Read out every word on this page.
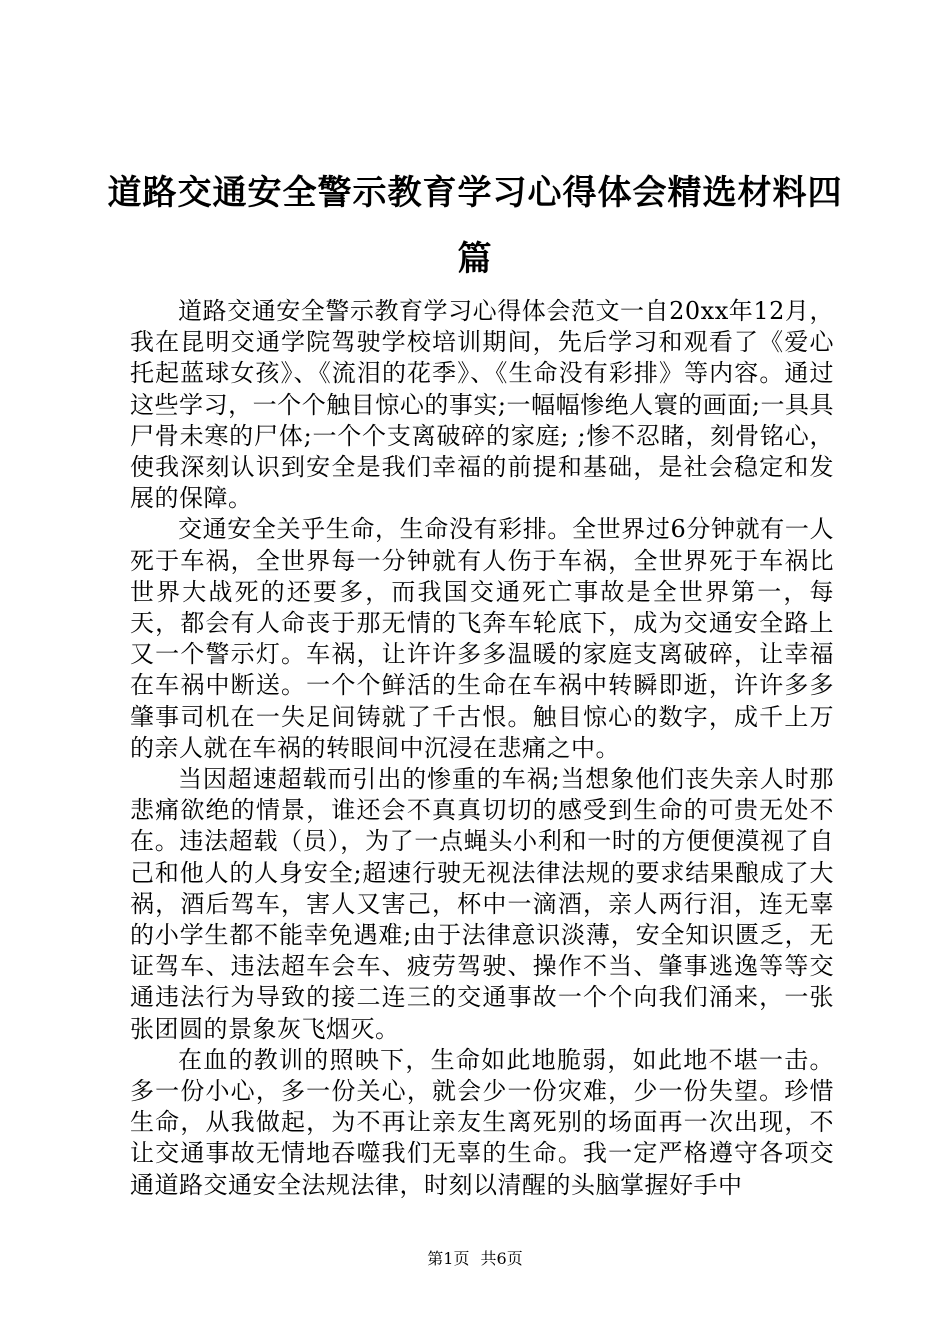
道路交通安全警示教育学习心得体会精选材料四篇

道路交通安全警示教育学习心得体会范文一自20xx年12月，我在昆明交通学院驾驶学校培训期间，先后学习和观看了《爱心托起蓝球女孩》、《流泪的花季》、《生命没有彩排》等内容。通过这些学习，一个个触目惊心的事实;一幅幅惨绝人寰的画面;一具具尸骨未寒的尸体;一个个支离破碎的家庭; ;惨不忍睹，刻骨铭心，使我深刻认识到安全是我们幸福的前提和基础，是社会稳定和发展的保障。

交通安全关乎生命，生命没有彩排。全世界过6分钟就有一人死于车祸，全世界每一分钟就有人伤于车祸，全世界死于车祸比世界大战死的还要多，而我国交通死亡事故是全世界第一，每天，都会有人命丧于那无情的飞奔车轮底下，成为交通安全路上又一个警示灯。车祸，让许许多多温暖的家庭支离破碎，让幸福在车祸中断送。一个个鲜活的生命在车祸中转瞬即逝，许许多多肇事司机在一失足间铸就了千古恨。触目惊心的数字，成千上万的亲人就在车祸的转眼间中沉浸在悲痛之中。

当因超速超载而引出的惨重的车祸;当想象他们丧失亲人时那悲痛欲绝的情景，谁还会不真真切切的感受到生命的可贵无处不在。违法超载（员），为了一点蝇头小利和一时的方便便漠视了自己和他人的人身安全;超速行驶无视法律法规的要求结果酿成了大祸，酒后驾车，害人又害己，杯中一滴酒，亲人两行泪，连无辜的小学生都不能幸免遇难;由于法律意识淡薄，安全知识匮乏，无证驾车、违法超车会车、疲劳驾驶、操作不当、肇事逃逸等等交通违法行为导致的接二连三的交通事故一个个向我们涌来，一张张团圆的景象灰飞烟灭。

在血的教训的照映下，生命如此地脆弱，如此地不堪一击。多一份小心，多一份关心，就会少一份灾难，少一份失望。珍惜生命，从我做起，为不再让亲友生离死别的场面再一次出现，不让交通事故无情地吞噬我们无辜的生命。我一定严格遵守各项交通道路交通安全法规法律，时刻以清醒的头脑掌握好手中

第1页 共6页
